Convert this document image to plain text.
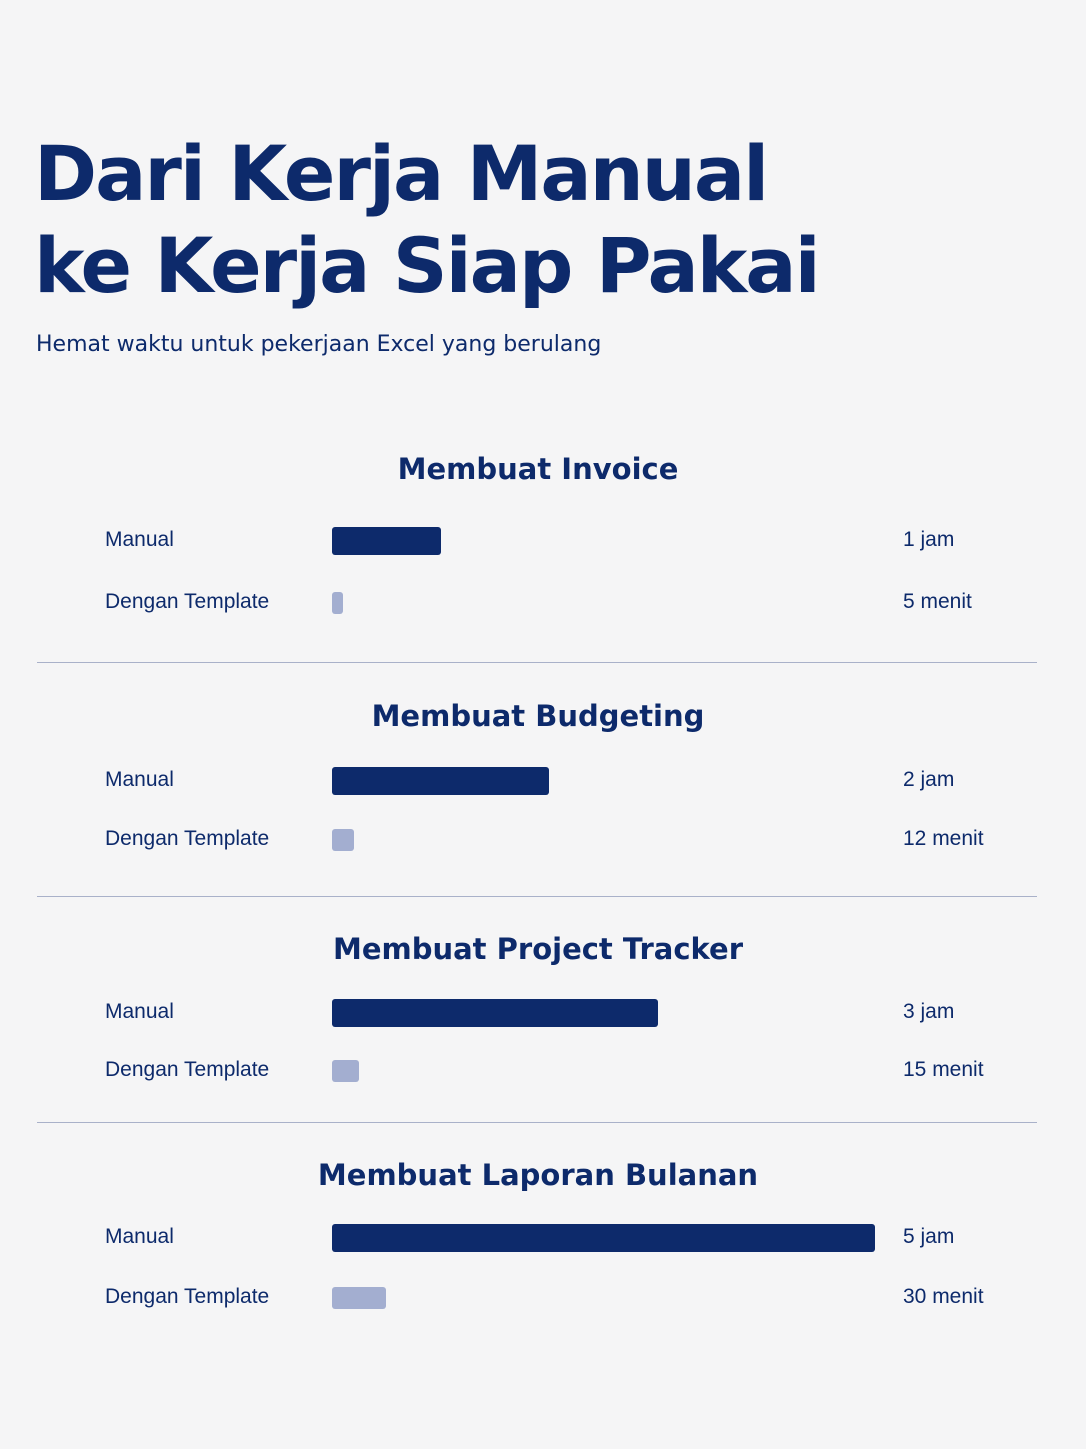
Dari Kerja Manual
ke Kerja Siap Pakai

Hemat waktu untuk pekerjaan Excel yang berulang

Membuat Invoice
Manual	1 jam
Dengan Template	5 menit
Membuat Budgeting
Manual	2 jam
Dengan Template	12 menit
Membuat Project Tracker
Manual	3 jam
Dengan Template	15 menit
Membuat Laporan Bulanan
Manual	5 jam
Dengan Template	30 menit
